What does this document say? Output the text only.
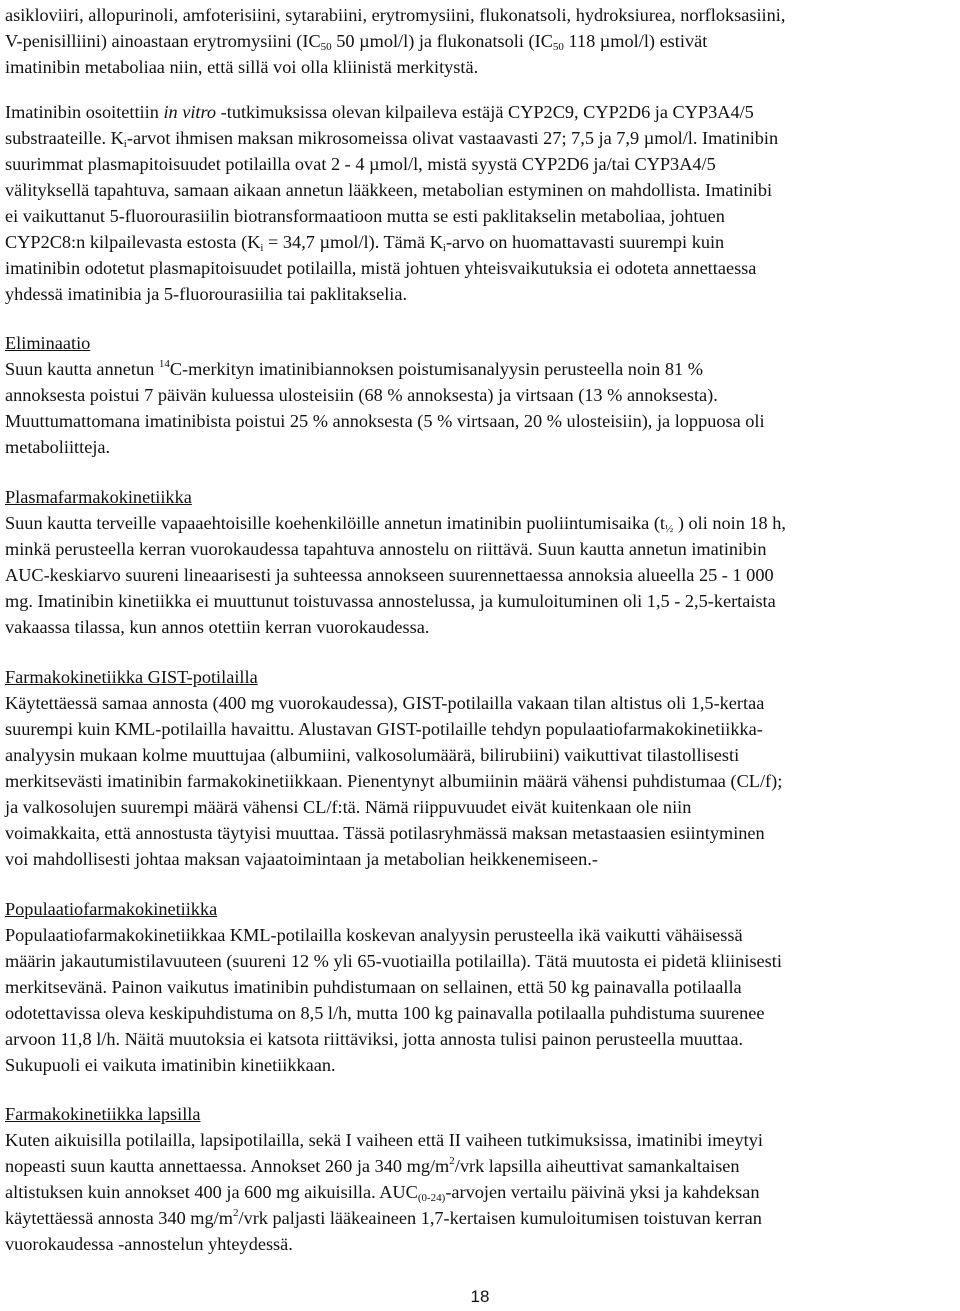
asikloviiri, allopurinoli, amfoterisiini, sytarabiini, erytromysiini, flukonatsoli, hydroksiurea, norfloksasiini,
V-penisilliini) ainoastaan erytromysiini ($IC_{50}$ 50 µmol/l) ja flukonatsoli ($IC_{50}$ 118 µmol/l) estivät
imatinibin metaboliaa niin, että sillä voi olla kliinistä merkitystä.
Imatinibin osoitettiin in vitro -tutkimuksissa olevan kilpaileva estäjä CYP2C9, CYP2D6 ja CYP3A4/5
substraateille. $K_i$-arvot ihmisen maksan mikrosomeissa olivat vastaavasti 27; 7,5 ja 7,9 µmol/l. Imatinibin
suurimmat plasmapitoisuudet potilailla ovat 2 - 4 µmol/l, mistä syystä CYP2D6 ja/tai CYP3A4/5
välityksellä tapahtuva, samaan aikaan annetun lääkkeen, metabolian estyminen on mahdollista. Imatinibi
ei vaikuttanut 5-fluorourasiilin biotransformaatioon mutta se esti paklitakselin metaboliaa, johtuen
CYP2C8:n kilpailevasta estosta ($K_i = 34,7$ µmol/l). Tämä $K_i$-arvo on huomattavasti suurempi kuin
imatinibin odotetut plasmapitoisuudet potilailla, mistä johtuen yhteisvaikutuksia ei odoteta annettaessa
yhdessä imatinibia ja 5-fluorourasiilia tai paklitakselia.
Eliminaatio
Suun kautta annetun $^{14}$C-merkityn imatinibiannoksen poistumisanalyysin perusteella noin 81 %
annoksesta poistui 7 päivän kuluessa ulosteisiin (68 % annoksesta) ja virtsaan (13 % annoksesta).
Muuttumattomana imatinibista poistui 25 % annoksesta (5 % virtsaan, 20 % ulosteisiin), ja loppuosa oli
metaboliitteja.
Plasmafarmakokinetiikka
Suun kautta terveille vapaaehtoisille koehenkilöille annetun imatinibin puoliintumisaika ($t_{\frac{1}{2}}$ ) oli noin 18 h,
minkä perusteella kerran vuorokaudessa tapahtuva annostelu on riittävä. Suun kautta annetun imatinibin
AUC-keskiarvo suureni lineaarisesti ja suhteessa annokseen suurennettaessa annoksia alueella 25 - 1 000
mg. Imatinibin kinetiikka ei muuttunut toistuvassa annostelussa, ja kumuloituminen oli 1,5 - 2,5-kertaista
vakaassa tilassa, kun annos otettiin kerran vuorokaudessa.
Farmakokinetiikka GIST-potilailla
Käytettäessä samaa annosta (400 mg vuorokaudessa), GIST-potilailla vakaan tilan altistus oli 1,5-kertaa
suurempi kuin KML-potilailla havaittu. Alustavan GIST-potilaille tehdyn populaatiofarmakokinetiikka-
analyysin mukaan kolme muuttujaa (albumiini, valkosolumäärä, bilirubiini) vaikuttivat tilastollisesti
merkitsevästi imatinibin farmakokinetiikkaan. Pienentynyt albumiinin määrä vähensi puhdistumaa (CL/f);
ja valkosolujen suurempi määrä vähensi CL/f:tä. Nämä riippuvuudet eivät kuitenkaan ole niin
voimakkaita, että annostusta täytyisi muuttaa. Tässä potilasryhmässä maksan metastaasien esiintyminen
voi mahdollisesti johtaa maksan vajaatoimintaan ja metabolian heikkenemiseen.-
Populaatiofarmakokinetiikka
Populaatiofarmakokinetiikkaa KML-potilailla koskevan analyysin perusteella ikä vaikutti vähäisessä
määrin jakautumistilavuuteen (suureni 12 % yli 65-vuotiailla potilailla). Tätä muutosta ei pidetä kliinisesti
merkitsevänä. Painon vaikutus imatinibin puhdistumaan on sellainen, että 50 kg painavalla potilaalla
odotettavissa oleva keskipuhdistuma on 8,5 l/h, mutta 100 kg painavalla potilaalla puhdistuma suurenee
arvoon 11,8 l/h. Näitä muutoksia ei katsota riittäviksi, jotta annosta tulisi painon perusteella muuttaa.
Sukupuoli ei vaikuta imatinibin kinetiikkaan.
Farmakokinetiikka lapsilla
Kuten aikuisilla potilailla, lapsipotilailla, sekä I vaiheen että II vaiheen tutkimuksissa, imatinibi imeytyi
nopeasti suun kautta annettaessa. Annokset 260 ja 340 $mg/m^2$/vrk lapsilla aiheuttivat samankaltaisen
altistuksen kuin annokset 400 ja 600 mg aikuisilla. $AUC_{(0-24)}$-arvojen vertailu päivinä yksi ja kahdeksan
käytettäessä annosta 340 $mg/m^2$/vrk paljasti lääkeaineen 1,7-kertaisen kumuloitumisen toistuvan kerran
vuorokaudessa -annostelun yhteydessä.
18
